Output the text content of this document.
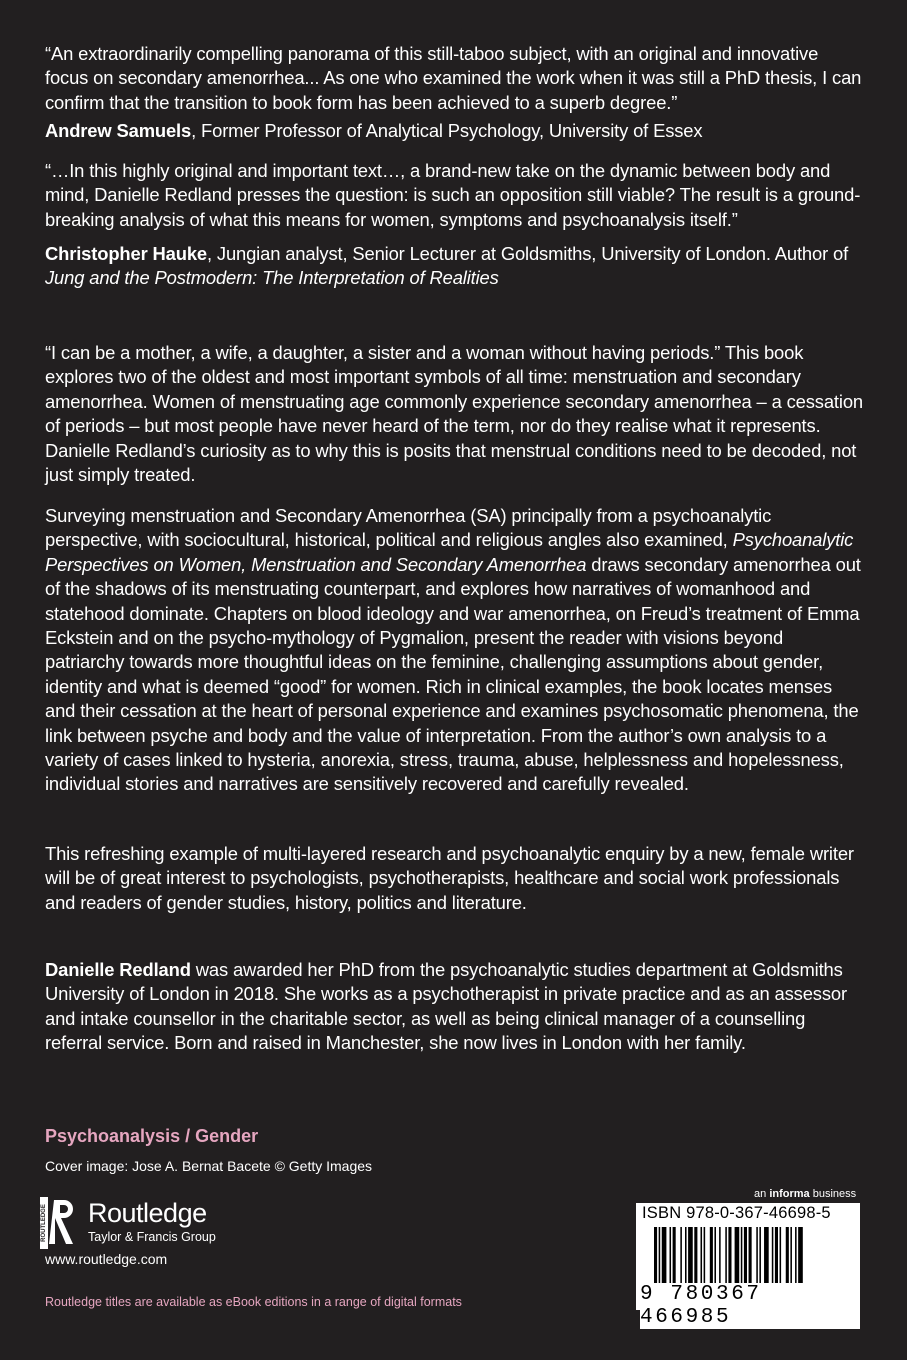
“An extraordinarily compelling panorama of this still-taboo subject, with an original and innovative focus on secondary amenorrhea... As one who examined the work when it was still a PhD thesis, I can confirm that the transition to book form has been achieved to a superb degree.”

Andrew Samuels, Former Professor of Analytical Psychology, University of Essex

“…In this highly original and important text…, a brand-new take on the dynamic between body and mind, Danielle Redland presses the question: is such an opposition still viable? The result is a ground-breaking analysis of what this means for women, symptoms and psychoanalysis itself.”

Christopher Hauke, Jungian analyst, Senior Lecturer at Goldsmiths, University of London. Author of
Jung and the Postmodern: The Interpretation of Realities

“I can be a mother, a wife, a daughter, a sister and a woman without having periods.” This book explores two of the oldest and most important symbols of all time: menstruation and secondary amenorrhea. Women of menstruating age commonly experience secondary amenorrhea – a cessation of periods – but most people have never heard of the term, nor do they realise what it represents. Danielle Redland’s curiosity as to why this is posits that menstrual conditions need to be decoded, not just simply treated.

Surveying menstruation and Secondary Amenorrhea (SA) principally from a psychoanalytic perspective, with sociocultural, historical, political and religious angles also examined, Psychoanalytic Perspectives on Women, Menstruation and Secondary Amenorrhea draws secondary amenorrhea out of the shadows of its menstruating counterpart, and explores how narratives of womanhood and statehood dominate. Chapters on blood ideology and war amenorrhea, on Freud’s treatment of Emma Eckstein and on the psycho-mythology of Pygmalion, present the reader with visions beyond patriarchy towards more thoughtful ideas on the feminine, challenging assumptions about gender, identity and what is deemed “good” for women. Rich in clinical examples, the book locates menses and their cessation at the heart of personal experience and examines psychosomatic phenomena, the link between psyche and body and the value of interpretation. From the author’s own analysis to a variety of cases linked to hysteria, anorexia, stress, trauma, abuse, helplessness and hopelessness, individual stories and narratives are sensitively recovered and carefully revealed.

This refreshing example of multi-layered research and psychoanalytic enquiry by a new, female writer will be of great interest to psychologists, psychotherapists, healthcare and social work professionals and readers of gender studies, history, politics and literature.

Danielle Redland was awarded her PhD from the psychoanalytic studies department at Goldsmiths University of London in 2018. She works as a psychotherapist in private practice and as an assessor and intake counsellor in the charitable sector, as well as being clinical manager of a counselling referral service. Born and raised in Manchester, she now lives in London with her family.

Psychoanalysis / Gender
Cover image: Jose A. Bernat Bacete © Getty Images
ROUTLEDGE Routledge
Taylor & Francis Group
www.routledge.com
Routledge titles are available as eBook editions in a range of digital formats
an informa business
ISBN 978-0-367-46698-5
9 780367 466985
